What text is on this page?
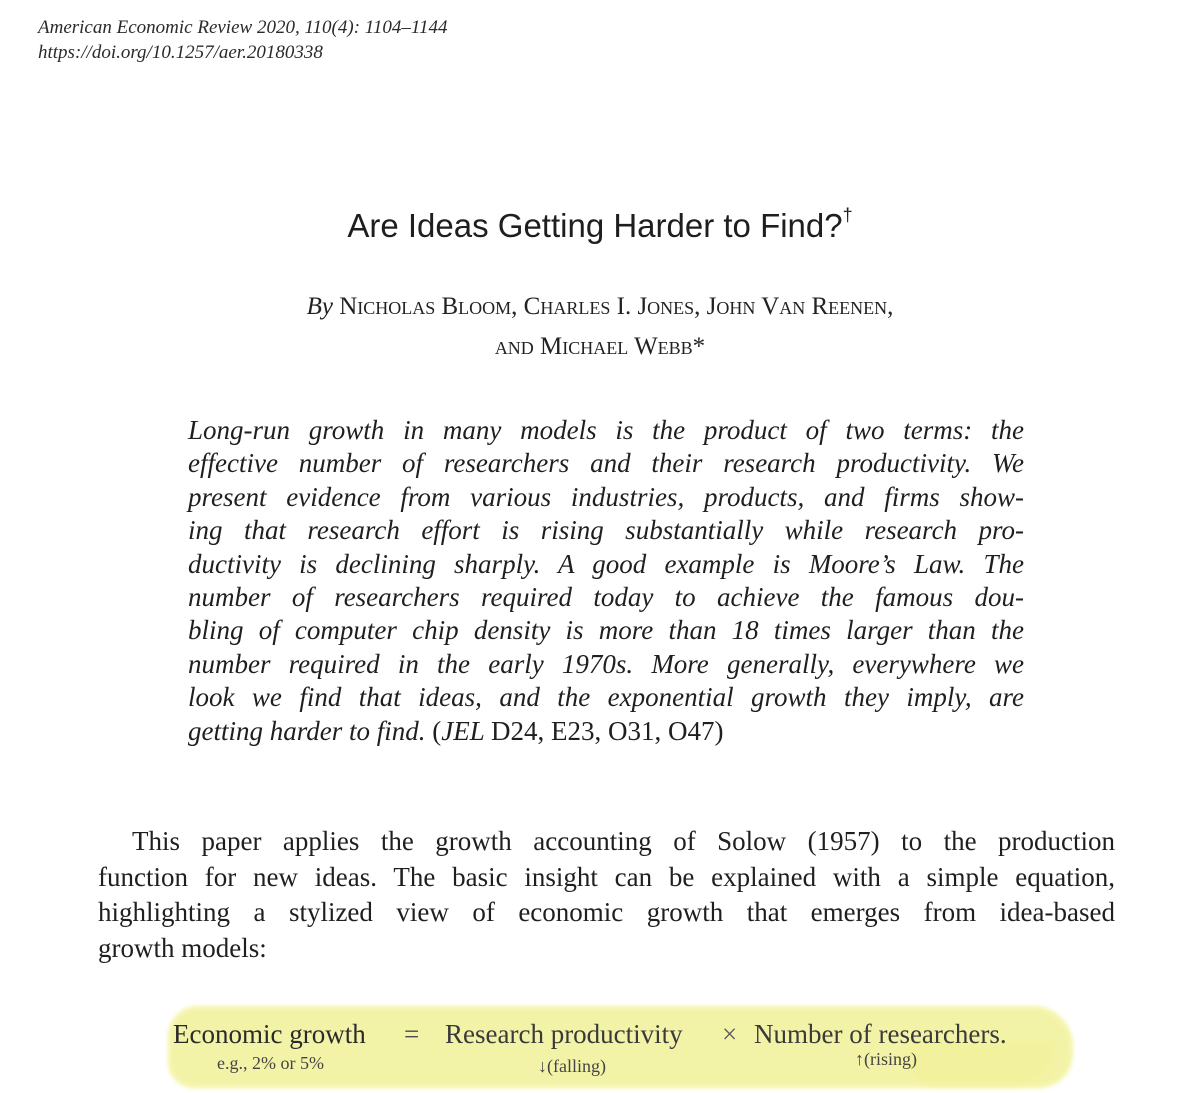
American Economic Review 2020, 110(4): 1104–1144
https://doi.org/10.1257/aer.20180338
Are Ideas Getting Harder to Find?†
By Nicholas Bloom, Charles I. Jones, John Van Reenen,
and Michael Webb*
Long-run growth in many models is the product of two terms: the
effective number of researchers and their research productivity. We
present evidence from various industries, products, and firms show-
ing that research effort is rising substantially while research pro-
ductivity is declining sharply. A good example is Moore’s Law. The
number of researchers required today to achieve the famous dou-
bling of computer chip density is more than 18 times larger than the
number required in the early 1970s. More generally, everywhere we
look we find that ideas, and the exponential growth they imply, are
getting harder to find. (JEL D24, E23, O31, O47)
This paper applies the growth accounting of Solow (1957) to the production
function for new ideas. The basic insight can be explained with a simple equation,
highlighting a stylized view of economic growth that emerges from idea-based
growth models:
Economic growth = Research productivity × Number of researchers.
e.g., 2% or 5%	↓(falling)	↑(rising)
